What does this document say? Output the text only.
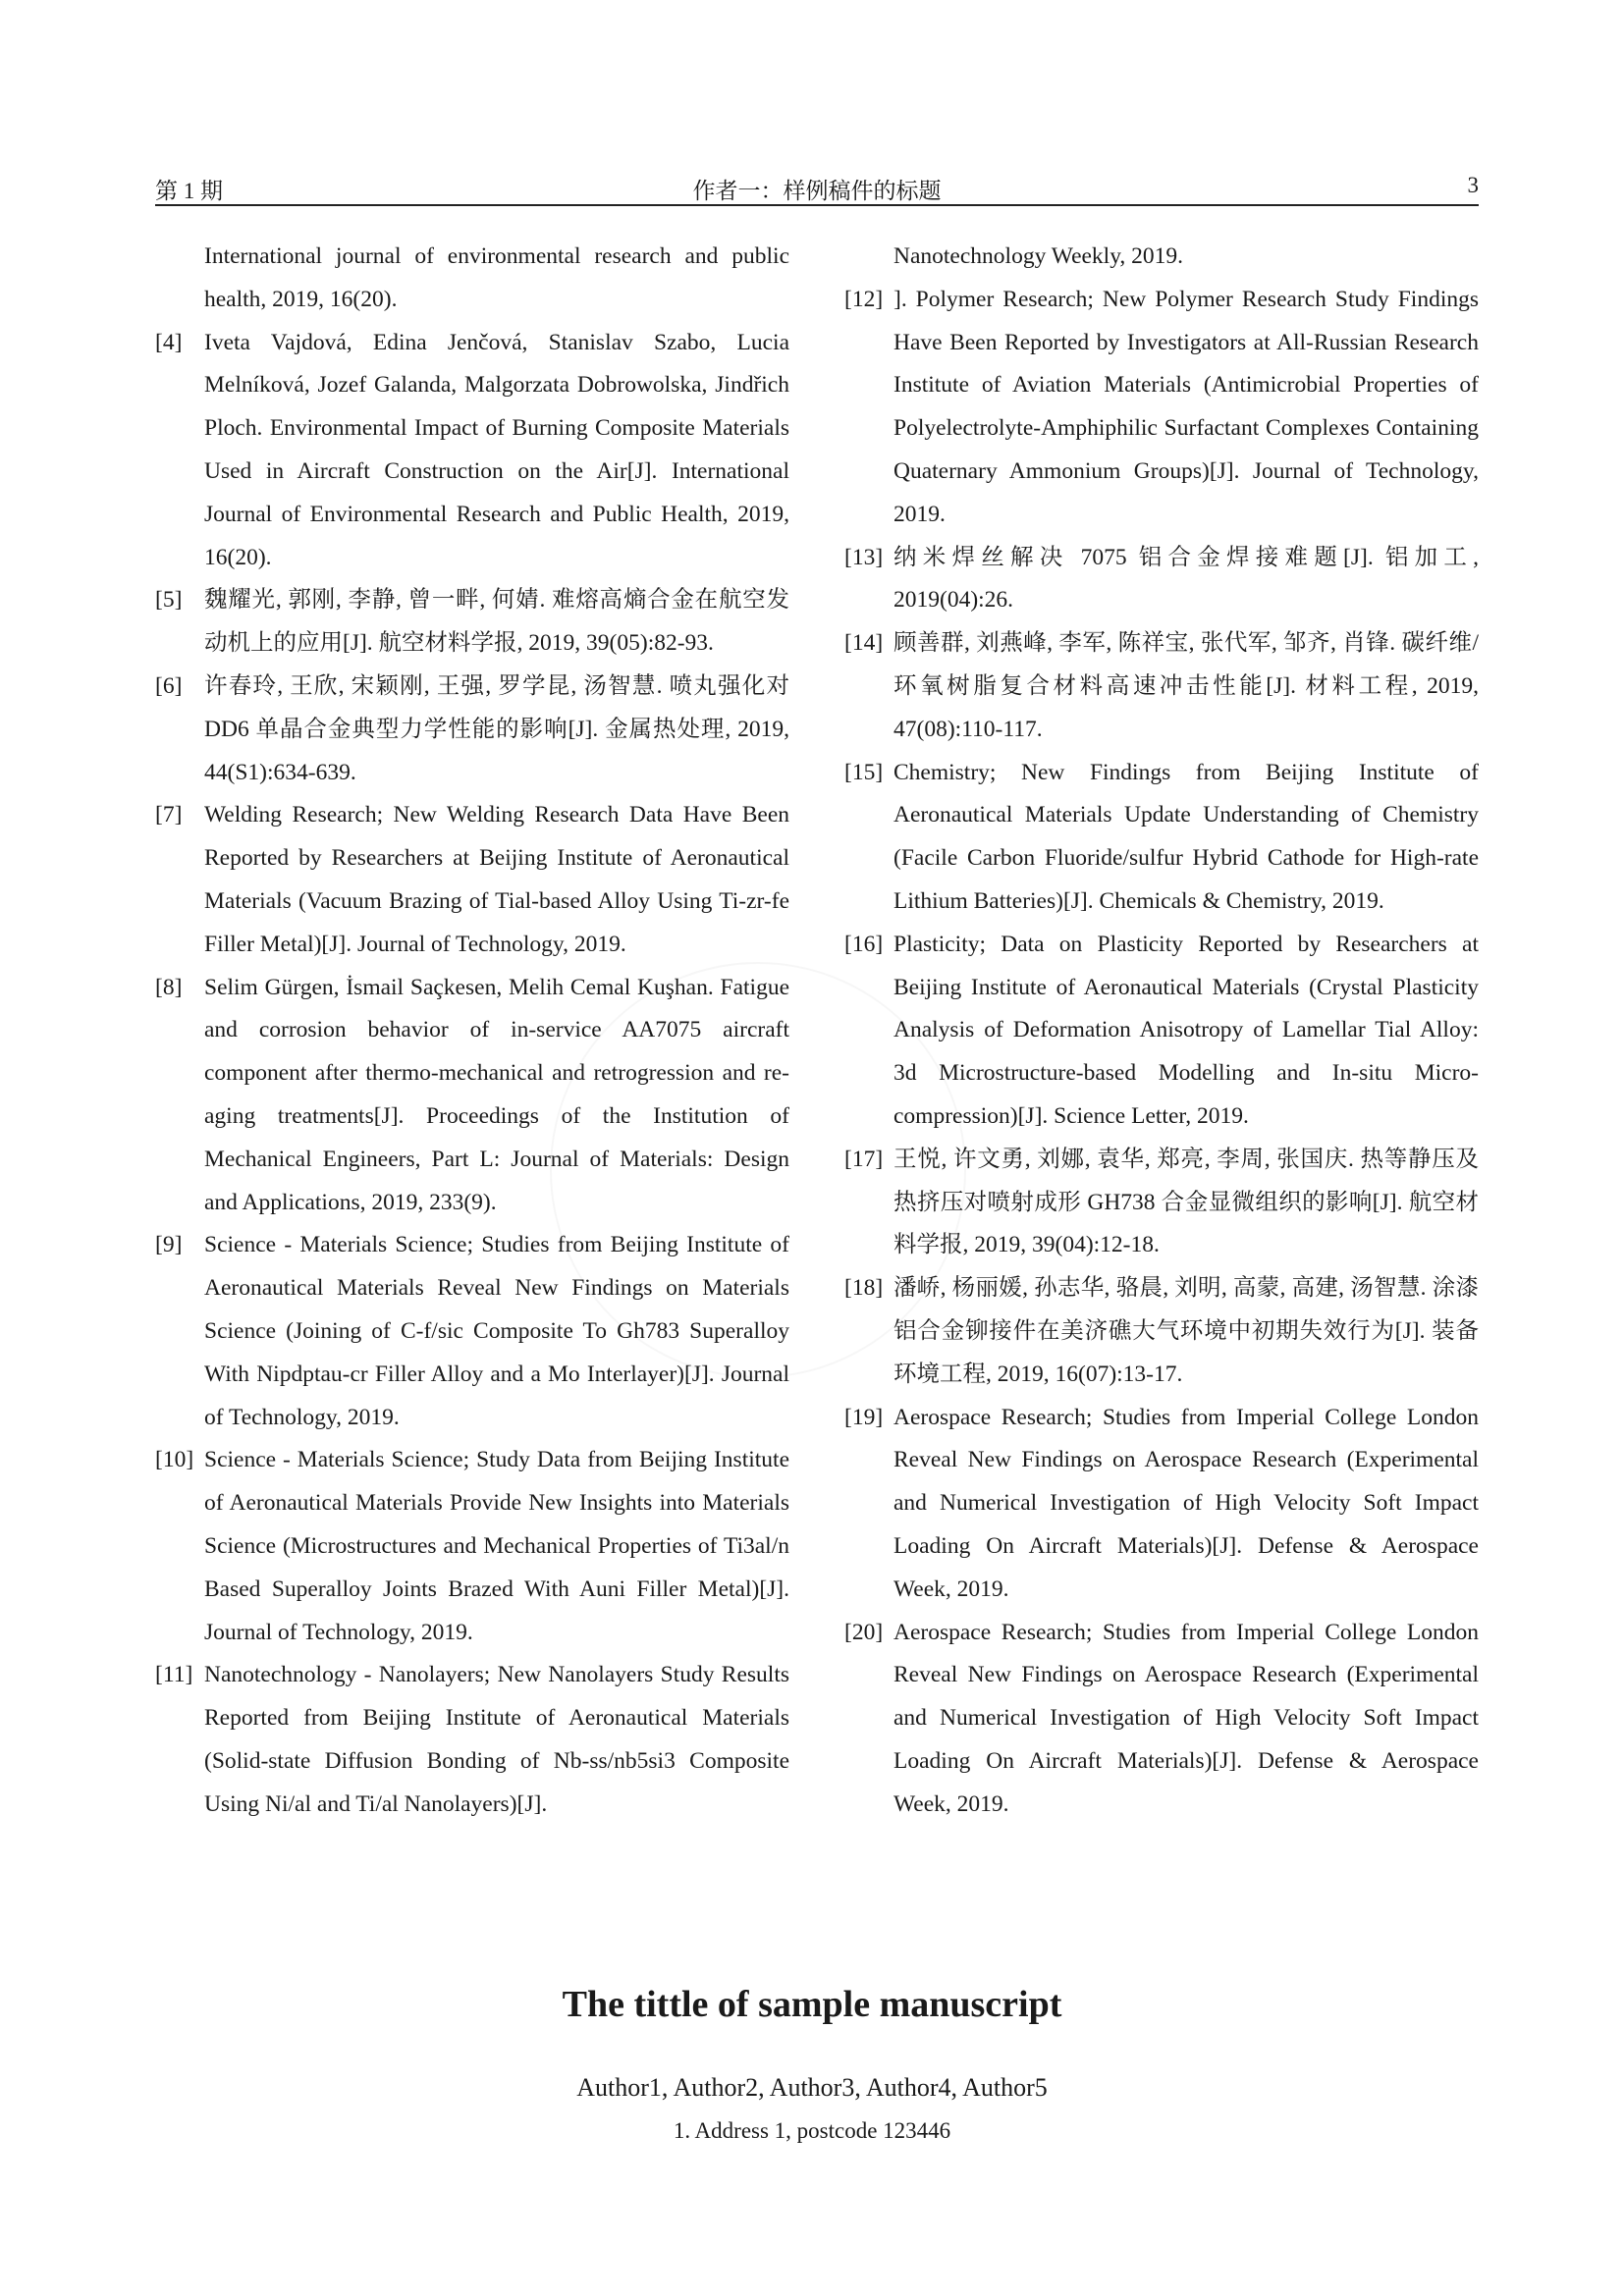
第 1 期	作者一：样例稿件的标题	3

International journal of environmental research and public health, 2019, 16(20).

[4] Iveta Vajdová, Edina Jenčová, Stanislav Szabo, Lucia Melníková, Jozef Galanda, Malgorzata Dobrowolska, Jindřich Ploch. Environmental Impact of Burning Composite Materials Used in Aircraft Construction on the Air[J]. International Journal of Environmental Research and Public Health, 2019, 16(20).

[5] 魏耀光, 郭刚, 李静, 曾一畔, 何婧. 难熔高熵合金在航空发动机上的应用[J]. 航空材料学报, 2019, 39(05):82-93.

[6] 许春玲, 王欣, 宋颖刚, 王强, 罗学昆, 汤智慧. 喷丸强化对 DD6 单晶合金典型力学性能的影响[J]. 金属热处理, 2019, 44(S1):634-639.

[7] Welding Research; New Welding Research Data Have Been Reported by Researchers at Beijing Institute of Aeronautical Materials (Vacuum Brazing of Tial-based Alloy Using Ti-zr-fe Filler Metal)[J]. Journal of Technology, 2019.

[8] Selim Gürgen, İsmail Saçkesen, Melih Cemal Kuşhan. Fatigue and corrosion behavior of in-service AA7075 aircraft component after thermo-mechanical and retrogression and re-aging treatments[J]. Proceedings of the Institution of Mechanical Engineers, Part L: Journal of Materials: Design and Applications, 2019, 233(9).

[9] Science - Materials Science; Studies from Beijing Institute of Aeronautical Materials Reveal New Findings on Materials Science (Joining of C-f/sic Composite To Gh783 Superalloy With Nipdptau-cr Filler Alloy and a Mo Interlayer)[J]. Journal of Technology, 2019.

[10] Science - Materials Science; Study Data from Beijing Institute of Aeronautical Materials Provide New Insights into Materials Science (Microstructures and Mechanical Properties of Ti3al/n Based Superalloy Joints Brazed With Auni Filler Metal)[J]. Journal of Technology, 2019.

[11] Nanotechnology - Nanolayers; New Nanolayers Study Results Reported from Beijing Institute of Aeronautical Materials (Solid-state Diffusion Bonding of Nb-ss/nb5si3 Composite Using Ni/al and Ti/al Nanolayers)[J].

Nanotechnology Weekly, 2019.

[12] ]. Polymer Research; New Polymer Research Study Findings Have Been Reported by Investigators at All-Russian Research Institute of Aviation Materials (Antimicrobial Properties of Polyelectrolyte-Amphiphilic Surfactant Complexes Containing Quaternary Ammonium Groups)[J]. Journal of Technology, 2019.

[13] 纳米焊丝解决 7075 铝合金焊接难题[J]. 铝加工, 2019(04):26.

[14] 顾善群, 刘燕峰, 李军, 陈祥宝, 张代军, 邹齐, 肖锋. 碳纤维/环氧树脂复合材料高速冲击性能[J]. 材料工程, 2019, 47(08):110-117.

[15] Chemistry; New Findings from Beijing Institute of Aeronautical Materials Update Understanding of Chemistry (Facile Carbon Fluoride/sulfur Hybrid Cathode for High-rate Lithium Batteries)[J]. Chemicals & Chemistry, 2019.

[16] Plasticity; Data on Plasticity Reported by Researchers at Beijing Institute of Aeronautical Materials (Crystal Plasticity Analysis of Deformation Anisotropy of Lamellar Tial Alloy: 3d Microstructure-based Modelling and In-situ Micro-compression)[J]. Science Letter, 2019.

[17] 王悦, 许文勇, 刘娜, 袁华, 郑亮, 李周, 张国庆. 热等静压及热挤压对喷射成形 GH738 合金显微组织的影响[J]. 航空材料学报, 2019, 39(04):12-18.

[18] 潘峤, 杨丽媛, 孙志华, 骆晨, 刘明, 高蒙, 高建, 汤智慧. 涂漆铝合金铆接件在美济礁大气环境中初期失效行为[J]. 装备环境工程, 2019, 16(07):13-17.

[19] Aerospace Research; Studies from Imperial College London Reveal New Findings on Aerospace Research (Experimental and Numerical Investigation of High Velocity Soft Impact Loading On Aircraft Materials)[J]. Defense & Aerospace Week, 2019.

[20] Aerospace Research; Studies from Imperial College London Reveal New Findings on Aerospace Research (Experimental and Numerical Investigation of High Velocity Soft Impact Loading On Aircraft Materials)[J]. Defense & Aerospace Week, 2019.

The tittle of sample manuscript
Author1, Author2, Author3, Author4, Author5
1. Address 1, postcode 123446
